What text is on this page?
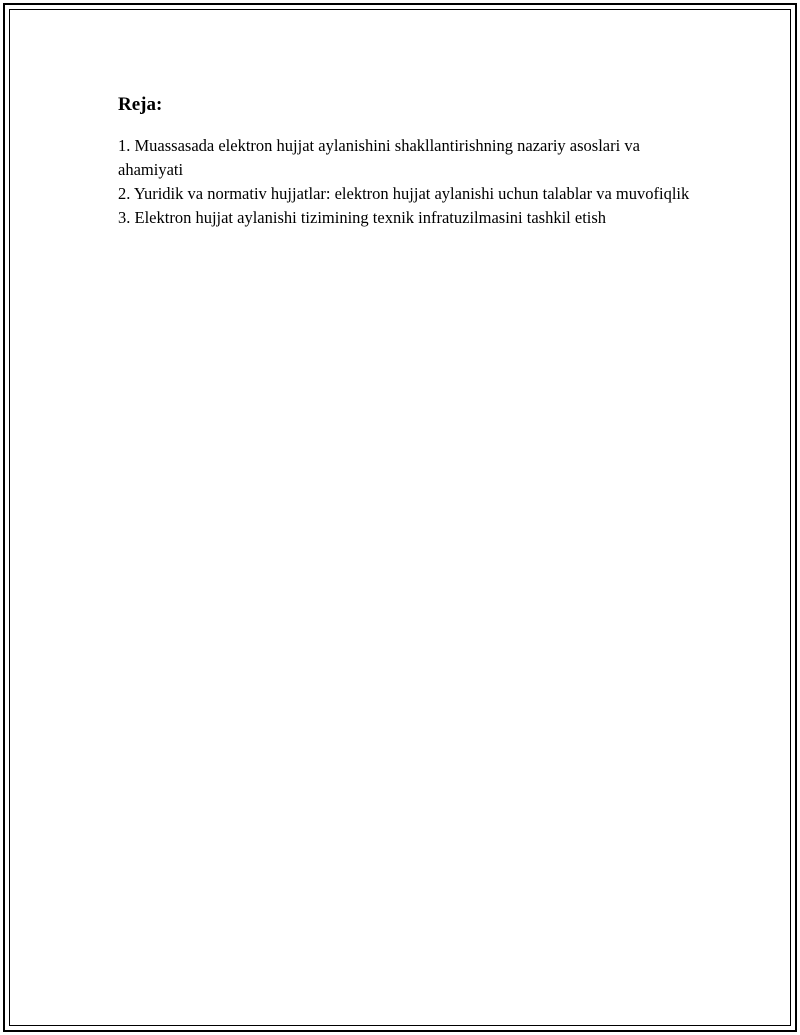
Reja:
1. Muassasada elektron hujjat aylanishini shakllantirishning nazariy asoslari va ahamiyati
2. Yuridik va normativ hujjatlar: elektron hujjat aylanishi uchun talablar va muvofiqlik
3. Elektron hujjat aylanishi tizimining texnik infratuzilmasini tashkil etish
